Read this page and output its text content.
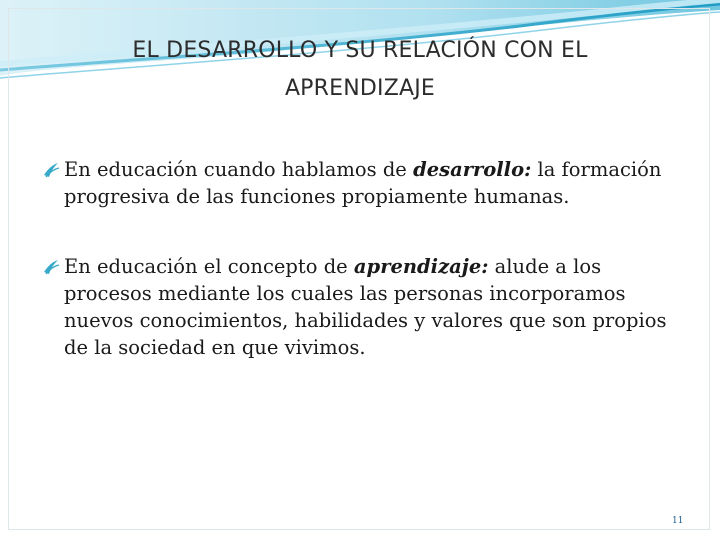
EL DESARROLLO Y SU RELACIÓN CON EL
APRENDIZAJE

En educación cuando hablamos de desarrollo: la formación progresiva de las funciones propiamente humanas.

En educación el concepto de aprendizaje: alude a los procesos mediante los cuales las personas incorporamos nuevos conocimientos, habilidades y valores que son propios de la sociedad en que vivimos.

11
